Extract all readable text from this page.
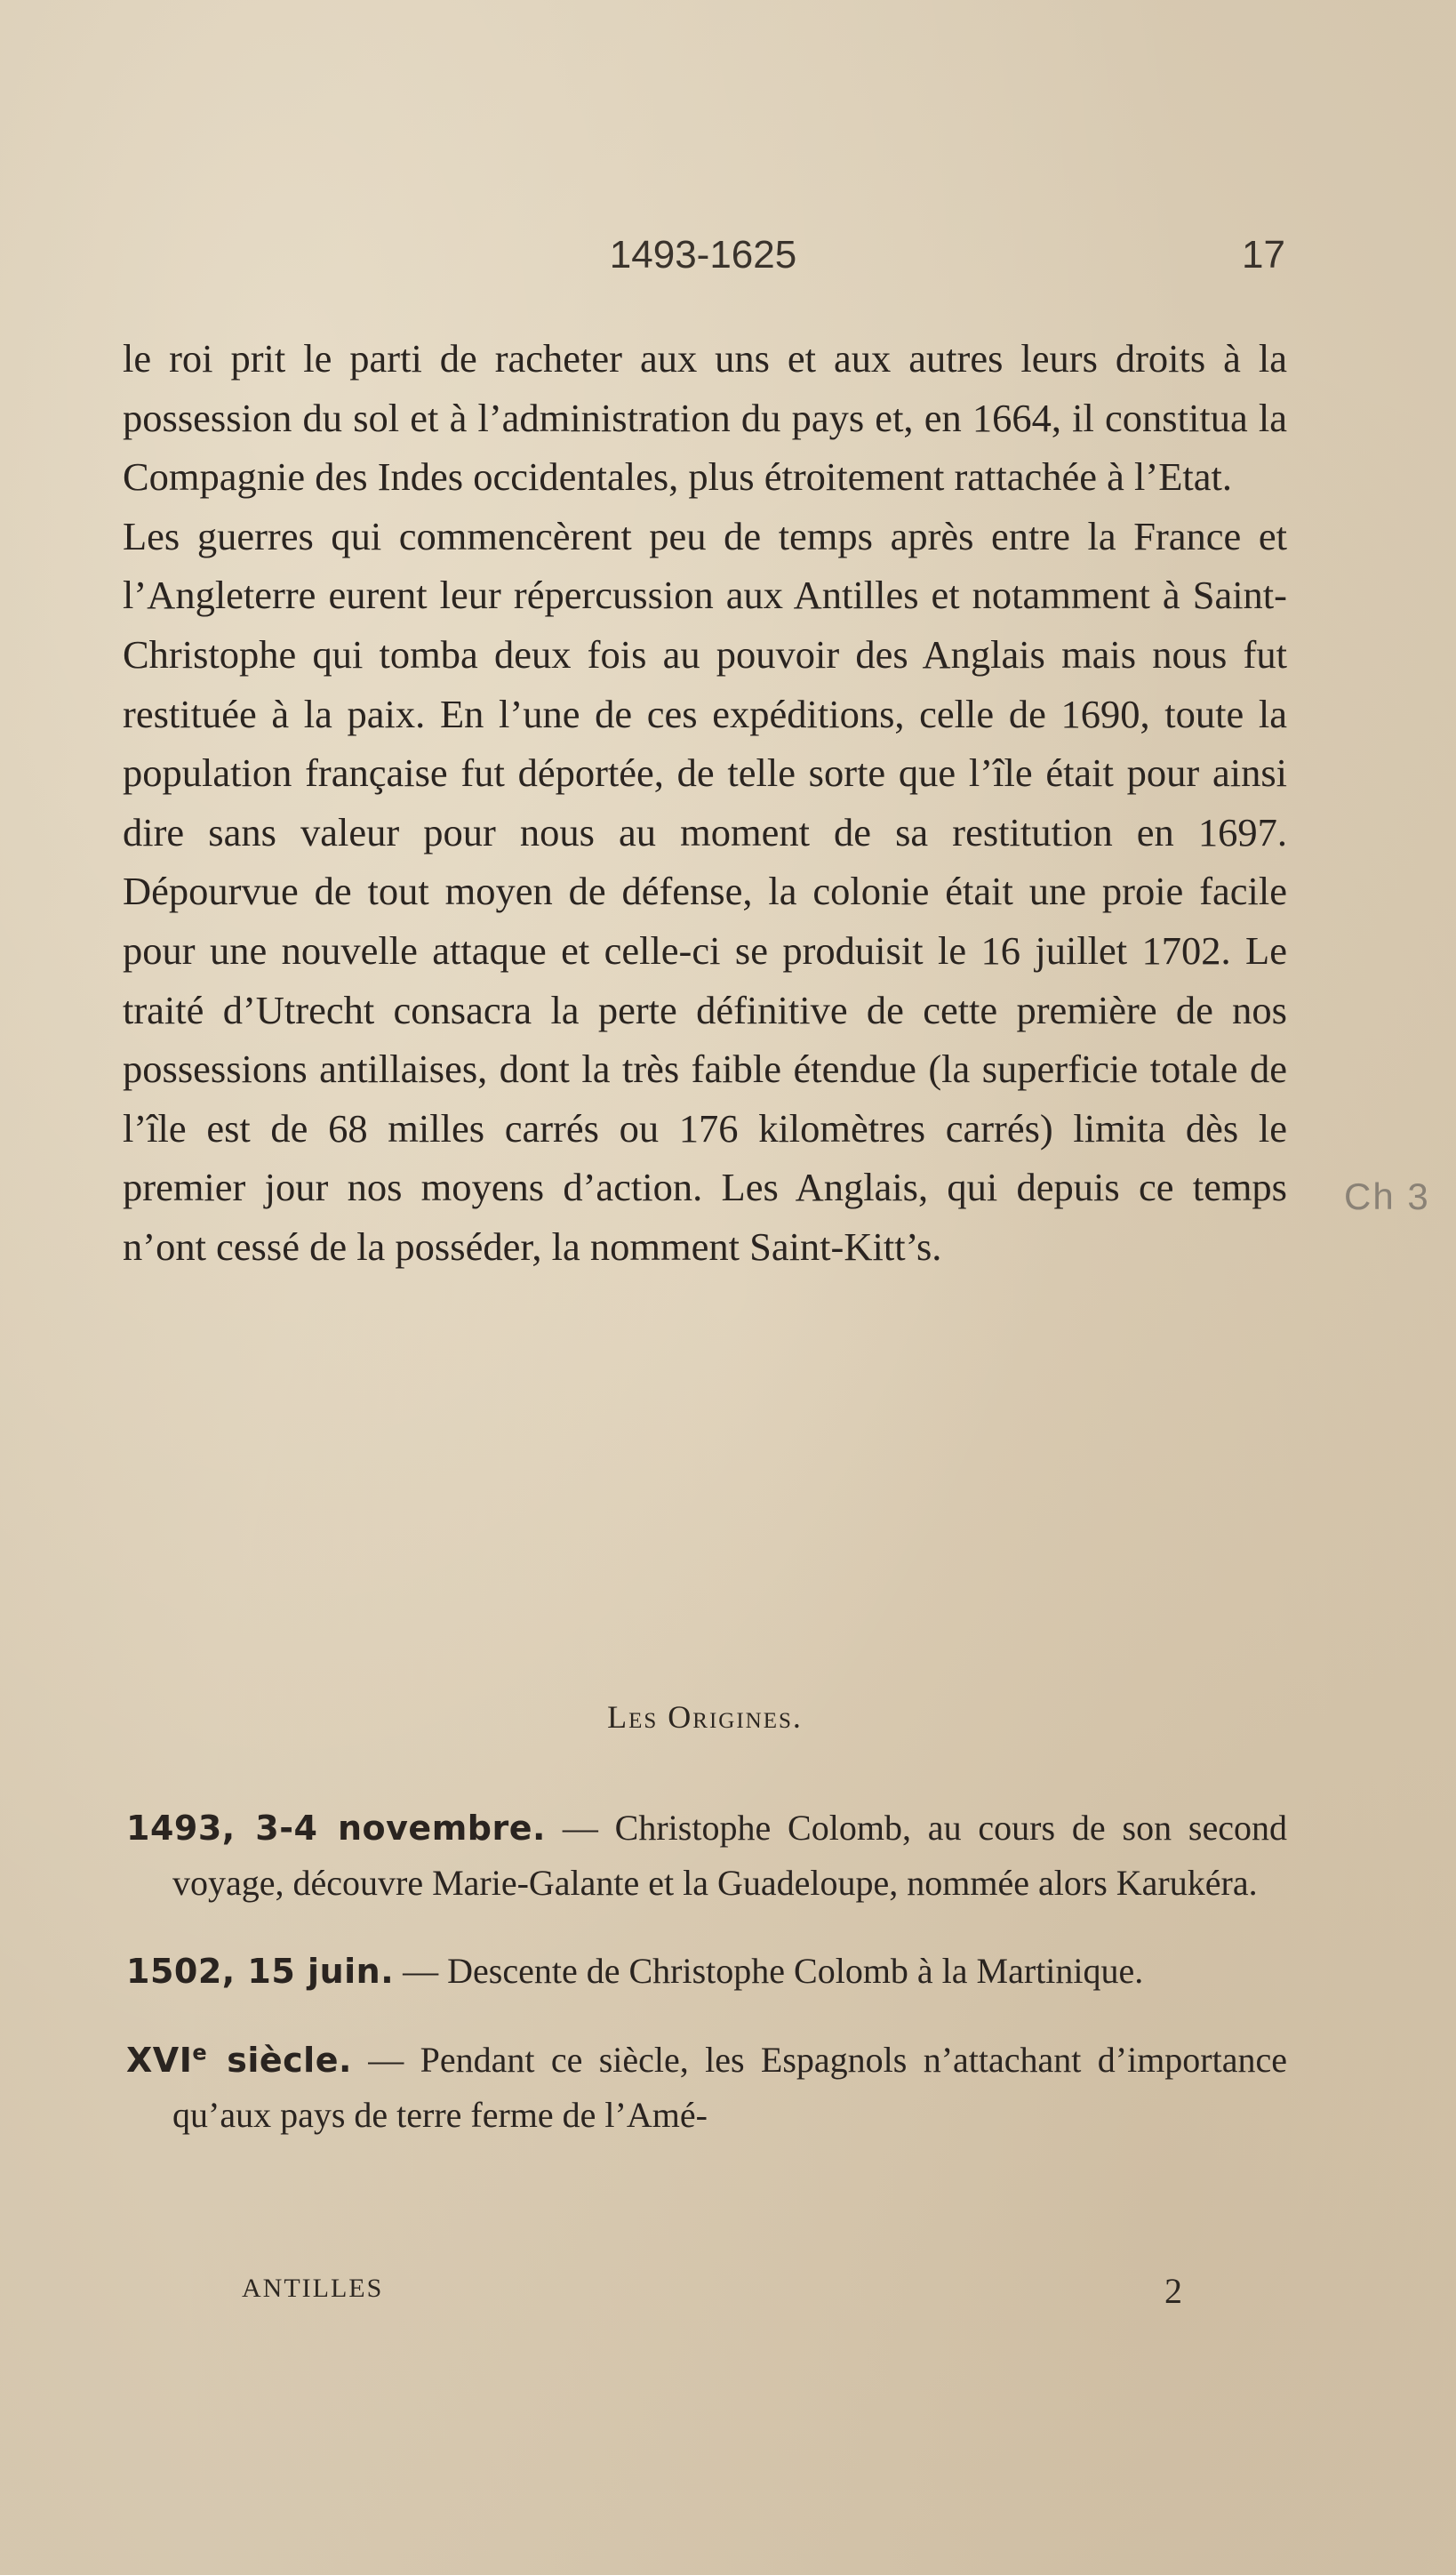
1493-1625	17

le roi prit le parti de racheter aux uns et aux autres leurs droits à la possession du sol et à l’administration du pays et, en 1664, il constitua la Compagnie des Indes occidentales, plus étroitement rattachée à l’Etat.

Les guerres qui commencèrent peu de temps après entre la France et l’Angleterre eurent leur répercussion aux Antilles et notamment à Saint-Christophe qui tomba deux fois au pouvoir des Anglais mais nous fut restituée à la paix. En l’une de ces expéditions, celle de 1690, toute la population française fut déportée, de telle sorte que l’île était pour ainsi dire sans valeur pour nous au moment de sa restitution en 1697. Dépourvue de tout moyen de défense, la colonie était une proie facile pour une nouvelle attaque et celle-ci se produisit le 16 juillet 1702. Le traité d’Utrecht consacra la perte définitive de cette première de nos possessions antillaises, dont la très faible étendue (la superficie totale de l’île est de 68 milles carrés ou 176 kilomètres carrés) limita dès le premier jour nos moyens d’action. Les Anglais, qui depuis ce temps n’ont cessé de la posséder, la nomment Saint-Kitt’s.

Ch 3
Les Origines.

1493, 3-4 novembre. — Christophe Colomb, au cours de son second voyage, découvre Marie-Galante et la Guadeloupe, nommée alors Karukéra.

1502, 15 juin. — Descente de Christophe Colomb à la Martinique.

XVIe siècle. — Pendant ce siècle, les Espagnols n’attachant d’importance qu’aux pays de terre ferme de l’Amé-

ANTILLES	2
